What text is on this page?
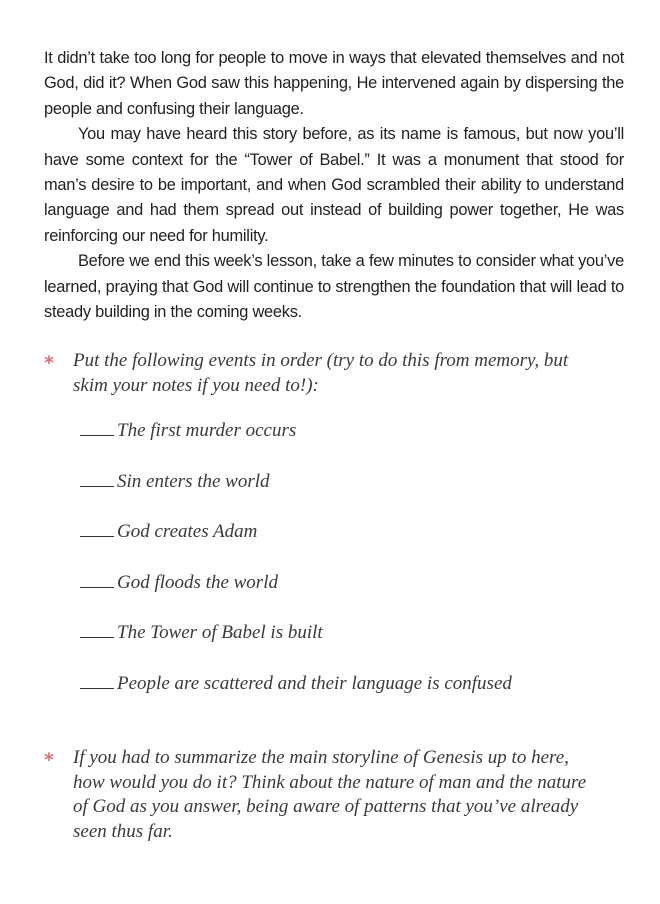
It didn’t take too long for people to move in ways that elevated themselves and not God, did it? When God saw this happening, He intervened again by dispersing the people and confusing their language.

You may have heard this story before, as its name is famous, but now you’ll have some context for the “Tower of Babel.” It was a monument that stood for man’s desire to be important, and when God scrambled their ability to understand language and had them spread out instead of building power together, He was reinforcing our need for humility.

Before we end this week’s lesson, take a few minutes to consider what you’ve learned, praying that God will continue to strengthen the foundation that will lead to steady building in the coming weeks.

* Put the following events in order (try to do this from memory, but skim your notes if you need to!):
The first murder occurs
Sin enters the world
God creates Adam
God floods the world
The Tower of Babel is built
People are scattered and their language is confused
* If you had to summarize the main storyline of Genesis up to here, how would you do it? Think about the nature of man and the nature of God as you answer, being aware of patterns that you’ve already seen thus far.
